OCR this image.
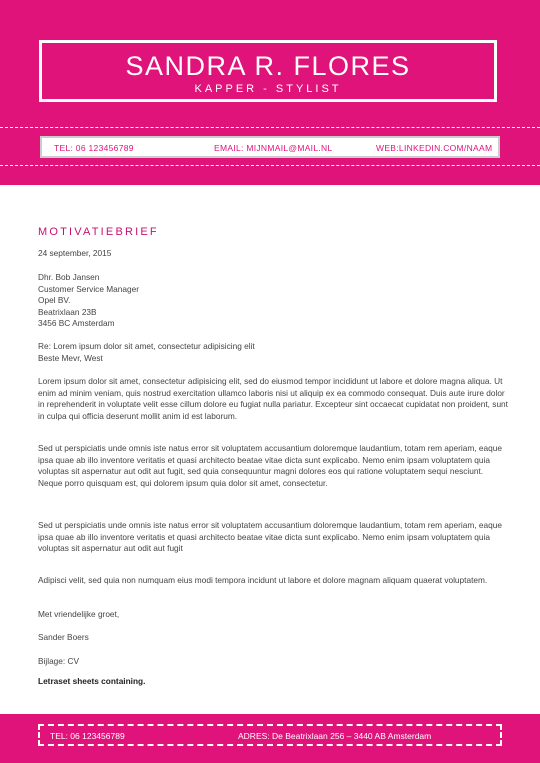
SANDRA R. FLORES
KAPPER - STYLIST
TEL: 06 123456789	EMAIL: MIJNMAIL@MAIL.NL	WEB:LINKEDIN.COM/NAAM
MOTIVATIEBRIEF

24 september, 2015

Dhr. Bob Jansen

Customer Service Manager

Opel BV.

Beatrixlaan 23B

3456 BC Amsterdam

Re: Lorem ipsum dolor sit amet, consectetur adipisicing elit

Beste Mevr, West

Lorem ipsum dolor sit amet, consectetur adipisicing elit, sed do eiusmod tempor incididunt ut labore et dolore magna aliqua. Ut enim ad minim veniam, quis nostrud exercitation ullamco laboris nisi ut aliquip ex ea commodo consequat. Duis aute irure dolor in reprehenderit in voluptate velit esse cillum dolore eu fugiat nulla pariatur. Excepteur sint occaecat cupidatat non proident, sunt in culpa qui officia deserunt mollit anim id est laborum.

Sed ut perspiciatis unde omnis iste natus error sit voluptatem accusantium doloremque laudantium, totam rem aperiam, eaque ipsa quae ab illo inventore veritatis et quasi architecto beatae vitae dicta sunt explicabo. Nemo enim ipsam voluptatem quia voluptas sit aspernatur aut odit aut fugit, sed quia consequuntur magni dolores eos qui ratione voluptatem sequi nesciunt. Neque porro quisquam est, qui dolorem ipsum quia dolor sit amet, consectetur.

Sed ut perspiciatis unde omnis iste natus error sit voluptatem accusantium doloremque laudantium, totam rem aperiam, eaque ipsa quae ab illo inventore veritatis et quasi architecto beatae vitae dicta sunt explicabo. Nemo enim ipsam voluptatem quia voluptas sit aspernatur aut odit aut fugit

Adipisci velit, sed quia non numquam eius modi tempora incidunt ut labore et dolore magnam aliquam quaerat voluptatem.

Met vriendelijke groet,

Sander Boers

Bijlage: CV

Letraset sheets containing.

TEL: 06 123456789	ADRES: De Beatrixlaan 256 – 3440 AB Amsterdam
